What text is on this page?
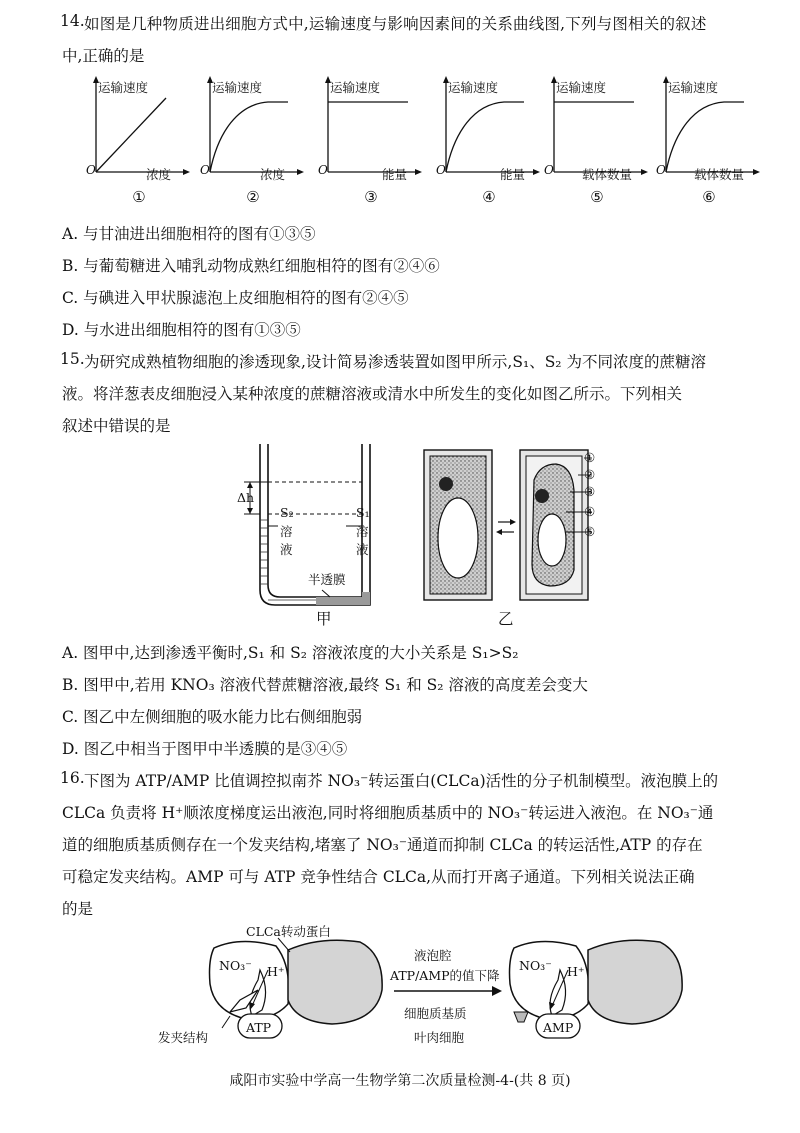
14. 如图是几种物质进出细胞方式中,运输速度与影响因素间的关系曲线图,下列与图相关的叙述
中,正确的是
运输速度
O	浓度
①
运输速度
O	浓度
②
运输速度
O	能量
③
运输速度
O	能量
④
运输速度
O 载体数量
⑤
运输速度
O 载体数量
⑥
A. 与甘油进出细胞相符的图有①③⑤
B. 与葡萄糖进入哺乳动物成熟红细胞相符的图有②④⑥
C. 与碘进入甲状腺滤泡上皮细胞相符的图有②④⑤
D. 与水进出细胞相符的图有①③⑤
15. 为研究成熟植物细胞的渗透现象,设计简易渗透装置如图甲所示,S₁、S₂ 为不同浓度的蔗糖溶
液。将洋葱表皮细胞浸入某种浓度的蔗糖溶液或清水中所发生的变化如图乙所示。下列相关
叙述中错误的是
Δh
S₂
溶
液
S₁
溶
液
半透膜
甲
①
②
③
④
⑤
乙
A. 图甲中,达到渗透平衡时,S₁ 和 S₂ 溶液浓度的大小关系是 S₁>S₂
B. 图甲中,若用 KNO₃ 溶液代替蔗糖溶液,最终 S₁ 和 S₂ 溶液的高度差会变大
C. 图乙中左侧细胞的吸水能力比右侧细胞弱
D. 图乙中相当于图甲中半透膜的是③④⑤
16. 下图为 ATP/AMP 比值调控拟南芥 NO₃⁻转运蛋白(CLCa)活性的分子机制模型。液泡膜上的
CLCa 负责将 H⁺顺浓度梯度运出液泡,同时将细胞质基质中的 NO₃⁻转运进入液泡。在 NO₃⁻通
道的细胞质基质侧存在一个发夹结构,堵塞了 NO₃⁻通道而抑制 CLCa 的转运活性,ATP 的存在
可稳定发夹结构。AMP 可与 ATP 竞争性结合 CLCa,从而打开离子通道。下列相关说法正确
的是
CLCa转动蛋白
NO₃⁻ H⁺
ATP
发夹结构
液泡腔
ATP/AMP的值下降
细胞质基质
叶肉细胞
NO₃⁻ H⁺
AMP
咸阳市实验中学高一生物学第二次质量检测-4-(共 8 页)
